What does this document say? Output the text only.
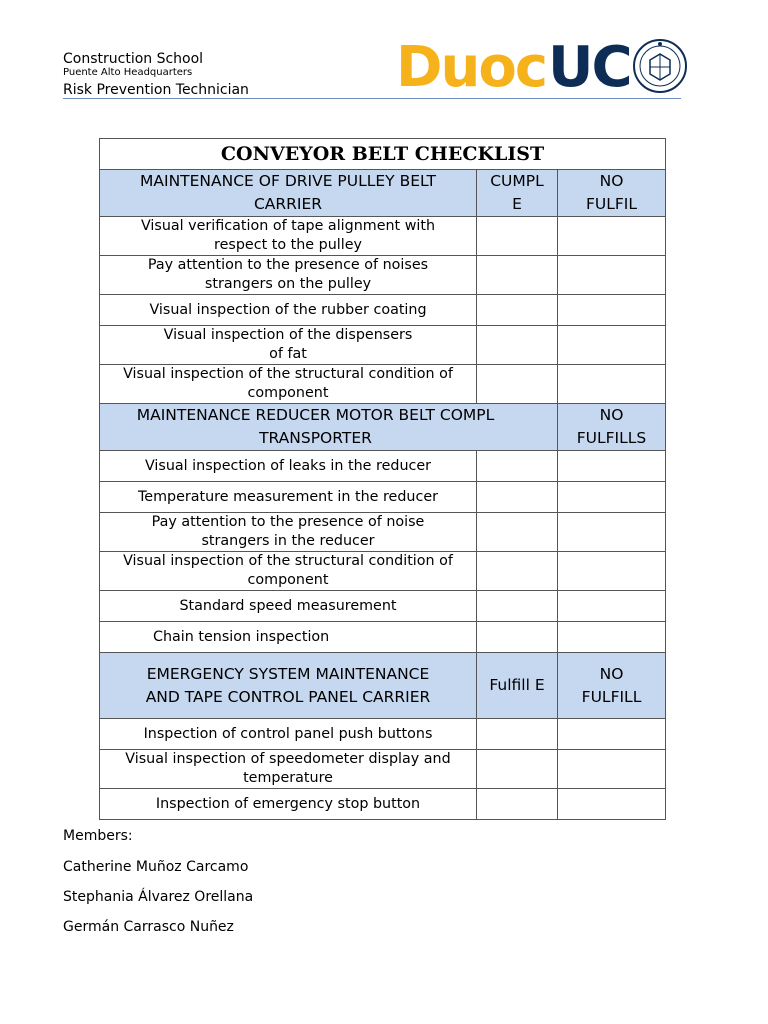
Construction School
Puente Alto Headquarters
Risk Prevention Technician	Duoc UC
CONVEYOR BELT CHECKLIST		
MAINTENANCE OF DRIVE PULLEY BELT CARRIER	CUMPL E	NO FULFIL
Visual verification of tape alignment with respect to the pulley		
Pay attention to the presence of noises strangers on the pulley		
Visual inspection of the rubber coating		
Visual inspection of the dispensers of fat		
Visual inspection of the structural condition of component		
MAINTENANCE REDUCER MOTOR BELT COMPL TRANSPORTER		NO FULFILLS
Visual inspection of leaks in the reducer		
Temperature measurement in the reducer		
Pay attention to the presence of noise strangers in the reducer		
Visual inspection of the structural condition of component		
Standard speed measurement		
Chain tension inspection		
EMERGENCY SYSTEM MAINTENANCE AND TAPE CONTROL PANEL CARRIER	Fulfill E	NO FULFILL
Inspection of control panel push buttons		
Visual inspection of speedometer display and temperature		
Inspection of emergency stop button		
Members:
Catherine Muñoz Carcamo
Stephania Álvarez Orellana
Germán Carrasco Nuñez
